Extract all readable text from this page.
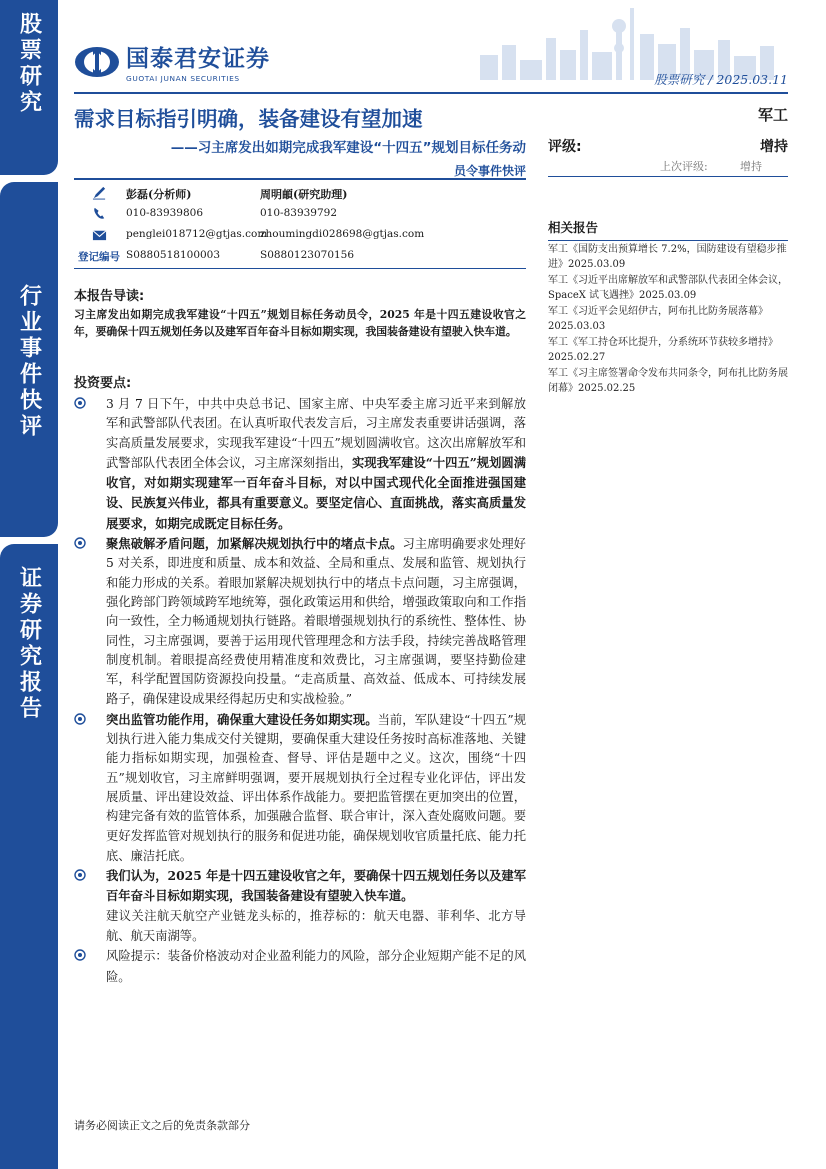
股票研究
行业事件快评
证券研究报告
国泰君安证券
GUOTAI JUNAN SECURITIES	股票研究 / 2025.03.11
需求目标指引明确，装备建设有望加速
——习主席发出如期完成我军建设“十四五”规划目标任务动
员令事件快评
军工
评级:	增持
上次评级:	增持
彭磊(分析师)	周明頔(研究助理)
010-83939806	010-83939792
penglei018712@gtjas.com
zhoumingdi028698@gtjas.com
登记编号 S0880518100003	S0880123070156
相关报告
军工《国防支出预算增长 7.2%，国防建设有望稳步推进》2025.03.09
军工《习近平出席解放军和武警部队代表团全体会议，SpaceX 试飞遇挫》2025.03.09
军工《习近平会见绍伊古，阿布扎比防务展落幕》2025.03.03
军工《军工持仓环比提升，分系统环节获较多增持》2025.02.27
军工《习主席签署命令发布共同条令，阿布扎比防务展闭幕》2025.02.25
本报告导读:
习主席发出如期完成我军建设“十四五”规划目标任务动员令，2025 年是十四五建设收官之年，要确保十四五规划任务以及建军百年奋斗目标如期实现，我国装备建设有望驶入快车道。
投资要点:
3 月 7 日下午，中共中央总书记、国家主席、中央军委主席习近平来到解放军和武警部队代表团。在认真听取代表发言后，习主席发表重要讲话强调，落实高质量发展要求，实现我军建设“十四五”规划圆满收官。这次出席解放军和武警部队代表团全体会议，习主席深刻指出，实现我军建设“十四五”规划圆满收官，对如期实现建军一百年奋斗目标，对以中国式现代化全面推进强国建设、民族复兴伟业，都具有重要意义。要坚定信心、直面挑战，落实高质量发展要求，如期完成既定目标任务。
聚焦破解矛盾问题，加紧解决规划执行中的堵点卡点。习主席明确要求处理好 5 对关系，即进度和质量、成本和效益、全局和重点、发展和监管、规划执行和能力形成的关系。着眼加紧解决规划执行中的堵点卡点问题，习主席强调，强化跨部门跨领域跨军地统筹，强化政策运用和供给，增强政策取向和工作指向一致性，全力畅通规划执行链路。着眼增强规划执行的系统性、整体性、协同性，习主席强调，要善于运用现代管理理念和方法手段，持续完善战略管理制度机制。着眼提高经费使用精准度和效费比，习主席强调，要坚持勤俭建军，科学配置国防资源投向投量。“走高质量、高效益、低成本、可持续发展路子，确保建设成果经得起历史和实战检验。”
突出监管功能作用，确保重大建设任务如期实现。当前，军队建设“十四五”规划执行进入能力集成交付关键期，要确保重大建设任务按时高标准落地、关键能力指标如期实现，加强检查、督导、评估是题中之义。这次，围绕“十四五”规划收官，习主席鲜明强调，要开展规划执行全过程专业化评估，评出发展质量、评出建设效益、评出体系作战能力。要把监管摆在更加突出的位置，构建完备有效的监管体系，加强融合监督、联合审计，深入查处腐败问题。要更好发挥监管对规划执行的服务和促进功能，确保规划收官质量托底、能力托底、廉洁托底。
我们认为，2025 年是十四五建设收官之年，要确保十四五规划任务以及建军百年奋斗目标如期实现，我国装备建设有望驶入快车道。
建议关注航天航空产业链龙头标的，推荐标的：航天电器、菲利华、北方导航、航天南湖等。
风险提示：装备价格波动对企业盈利能力的风险，部分企业短期产能不足的风险。
请务必阅读正文之后的免责条款部分
